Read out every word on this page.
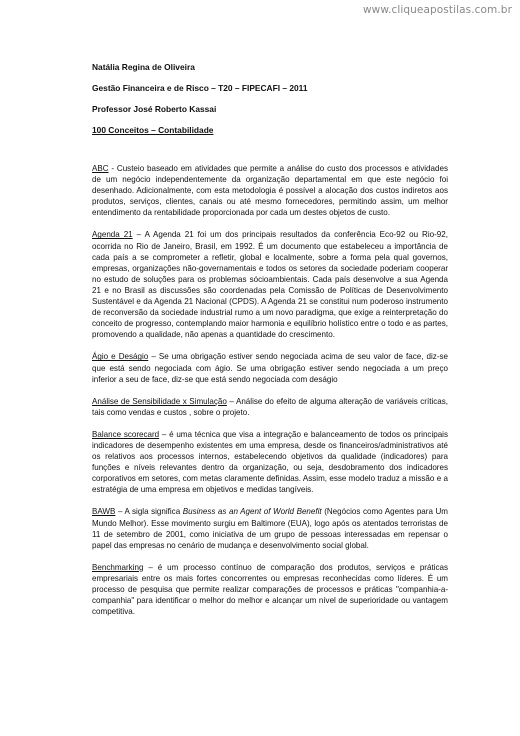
www.cliqueapostilas.com.br
Natália Regina de Oliveira
Gestão Financeira e de Risco – T20 – FIPECAFI – 2011
Professor José Roberto Kassai
100 Conceitos – Contabilidade

ABC - Custeio baseado em atividades que permite a análise do custo dos processos e atividades de um negócio independentemente da organização departamental em que este negócio foi desenhado. Adicionalmente, com esta metodologia é possível a alocação dos custos indiretos aos produtos, serviços, clientes, canais ou até mesmo fornecedores, permitindo assim, um melhor entendimento da rentabilidade proporcionada por cada um destes objetos de custo.

Agenda 21 – A Agenda 21 foi um dos principais resultados da conferência Eco-92 ou Rio-92, ocorrida no Rio de Janeiro, Brasil, em 1992. É um documento que estabeleceu a importância de cada país a se comprometer a refletir, global e localmente, sobre a forma pela qual governos, empresas, organizações não-governamentais e todos os setores da sociedade poderiam cooperar no estudo de soluções para os problemas sócioambientais. Cada país desenvolve a sua Agenda 21 e no Brasil as discussões são coordenadas pela Comissão de Políticas de Desenvolvimento Sustentável e da Agenda 21 Nacional (CPDS). A Agenda 21 se constitui num poderoso instrumento de reconversão da sociedade industrial rumo a um novo paradigma, que exige a reinterpretação do conceito de progresso, contemplando maior harmonia e equilíbrio holístico entre o todo e as partes, promovendo a qualidade, não apenas a quantidade do crescimento.

Ágio e Deságio – Se uma obrigação estiver sendo negociada acima de seu valor de face, diz-se que está sendo negociada com ágio. Se uma obrigação estiver sendo negociada a um preço inferior a seu de face, diz-se que está sendo negociada com deságio

Análise de Sensibilidade x Simulação – Análise do efeito de alguma alteração de variáveis críticas, tais como vendas e custos , sobre o projeto.

Balance scorecard – é uma técnica que visa a integração e balanceamento de todos os principais indicadores de desempenho existentes em uma empresa, desde os financeiros/administrativos até os relativos aos processos internos, estabelecendo objetivos da qualidade (indicadores) para funções e níveis relevantes dentro da organização, ou seja, desdobramento dos indicadores corporativos em setores, com metas claramente definidas. Assim, esse modelo traduz a missão e a estratégia de uma empresa em objetivos e medidas tangíveis.

BAWB – A sigla significa Business as an Agent of World Benefit (Negócios como Agentes para Um Mundo Melhor). Esse movimento surgiu em Baltimore (EUA), logo após os atentados terroristas de 11 de setembro de 2001, como iniciativa de um grupo de pessoas interessadas em repensar o papel das empresas no cenário de mudança e desenvolvimento social global.

Benchmarking – é um processo contínuo de comparação dos produtos, serviços e práticas empresariais entre os mais fortes concorrentes ou empresas reconhecidas como líderes. É um processo de pesquisa que permite realizar comparações de processos e práticas "companhia-a-companhia" para identificar o melhor do melhor e alcançar um nível de superioridade ou vantagem competitiva.
